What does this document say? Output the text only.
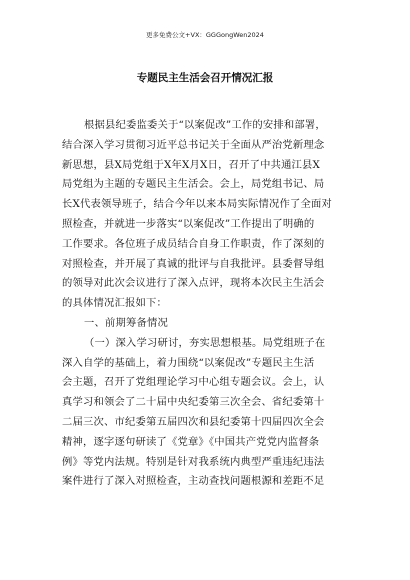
更多免费公文+VX：GGGongWen2024
专题民主生活会召开情况汇报
根据县纪委监委关于“以案促改”工作的安排和部署，
结合深入学习贯彻习近平总书记关于全面从严治党新理念
新思想，县X局党组于X年X月X日，召开了中共通江县X
局党组为主题的专题民主生活会。会上，局党组书记、局
长X代表领导班子，结合今年以来本局实际情况作了全面对
照检查，并就进一步落实“以案促改”工作提出了明确的
工作要求。各位班子成员结合自身工作职责，作了深刻的
对照检查，并开展了真诚的批评与自我批评。县委督导组
的领导对此次会议进行了深入点评，现将本次民主生活会
的具体情况汇报如下：
一、前期筹备情况
（一）深入学习研讨，夯实思想根基。局党组班子在
深入自学的基础上，着力围绕“以案促改”专题民主生活
会主题，召开了党组理论学习中心组专题会议。会上，认
真学习和领会了二十届中央纪委第三次全会、省纪委第十
二届三次、市纪委第五届四次和县纪委第十四届四次全会
精神，逐字逐句研读了《党章》《中国共产党党内监督条
例》等党内法规。特别是针对我系统内典型严重违纪违法
案件进行了深入对照检查，主动查找问题根源和差距不足
